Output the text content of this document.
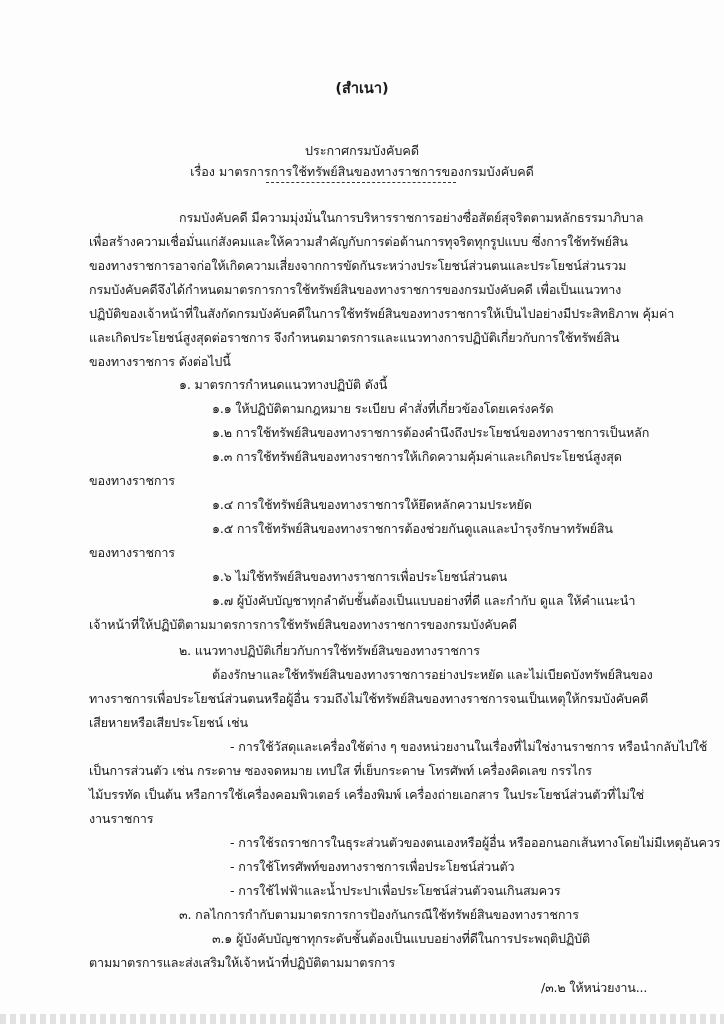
(สำเนา)
ประกาศกรมบังคับคดี
เรื่อง มาตรการการใช้ทรัพย์สินของทางราชการของกรมบังคับคดี
กรมบังคับคดี มีความมุ่งมั่นในการบริหารราชการอย่างซื่อสัตย์สุจริตตามหลักธรรมาภิบาล
เพื่อสร้างความเชื่อมั่นแก่สังคมและให้ความสำคัญกับการต่อต้านการทุจริตทุกรูปแบบ ซึ่งการใช้ทรัพย์สิน
ของทางราชการอาจก่อให้เกิดความเสี่ยงจากการขัดกันระหว่างประโยชน์ส่วนตนและประโยชน์ส่วนรวม
กรมบังคับคดีจึงได้กำหนดมาตรการการใช้ทรัพย์สินของทางราชการของกรมบังคับคดี เพื่อเป็นแนวทาง
ปฏิบัติของเจ้าหน้าที่ในสังกัดกรมบังคับคดีในการใช้ทรัพย์สินของทางราชการให้เป็นไปอย่างมีประสิทธิภาพ คุ้มค่า
และเกิดประโยชน์สูงสุดต่อราชการ จึงกำหนดมาตรการและแนวทางการปฏิบัติเกี่ยวกับการใช้ทรัพย์สิน
ของทางราชการ ดังต่อไปนี้
๑. มาตรการกำหนดแนวทางปฏิบัติ ดังนี้
๑.๑ ให้ปฏิบัติตามกฎหมาย ระเบียบ คำสั่งที่เกี่ยวข้องโดยเคร่งครัด
๑.๒ การใช้ทรัพย์สินของทางราชการต้องคำนึงถึงประโยชน์ของทางราชการเป็นหลัก
๑.๓ การใช้ทรัพย์สินของทางราชการให้เกิดความคุ้มค่าและเกิดประโยชน์สูงสุด
ของทางราชการ
๑.๔ การใช้ทรัพย์สินของทางราชการให้ยึดหลักความประหยัด
๑.๕ การใช้ทรัพย์สินของทางราชการต้องช่วยกันดูแลและบำรุงรักษาทรัพย์สิน
ของทางราชการ
๑.๖ ไม่ใช้ทรัพย์สินของทางราชการเพื่อประโยชน์ส่วนตน
๑.๗ ผู้บังคับบัญชาทุกลำดับชั้นต้องเป็นแบบอย่างที่ดี และกำกับ ดูแล ให้คำแนะนำ
เจ้าหน้าที่ให้ปฏิบัติตามมาตรการการใช้ทรัพย์สินของทางราชการของกรมบังคับคดี
๒. แนวทางปฏิบัติเกี่ยวกับการใช้ทรัพย์สินของทางราชการ
ต้องรักษาและใช้ทรัพย์สินของทางราชการอย่างประหยัด และไม่เบียดบังทรัพย์สินของ
ทางราชการเพื่อประโยชน์ส่วนตนหรือผู้อื่น รวมถึงไม่ใช้ทรัพย์สินของทางราชการจนเป็นเหตุให้กรมบังคับคดี
เสียหายหรือเสียประโยชน์ เช่น
- การใช้วัสดุและเครื่องใช้ต่าง ๆ ของหน่วยงานในเรื่องที่ไม่ใช่งานราชการ หรือนำกลับไปใช้
เป็นการส่วนตัว เช่น กระดาษ ซองจดหมาย เทปใส ที่เย็บกระดาษ โทรศัพท์ เครื่องคิดเลข กรรไกร
ไม้บรรทัด เป็นต้น หรือการใช้เครื่องคอมพิวเตอร์ เครื่องพิมพ์ เครื่องถ่ายเอกสาร ในประโยชน์ส่วนตัวที่ไม่ใช่
งานราชการ
- การใช้รถราชการในธุระส่วนตัวของตนเองหรือผู้อื่น หรือออกนอกเส้นทางโดยไม่มีเหตุอันควร
- การใช้โทรศัพท์ของทางราชการเพื่อประโยชน์ส่วนตัว
- การใช้ไฟฟ้าและน้ำประปาเพื่อประโยชน์ส่วนตัวจนเกินสมควร
๓. กลไกการกำกับตามมาตรการการป้องกันกรณีใช้ทรัพย์สินของทางราชการ
๓.๑ ผู้บังคับบัญชาทุกระดับชั้นต้องเป็นแบบอย่างที่ดีในการประพฤติปฏิบัติ
ตามมาตรการและส่งเสริมให้เจ้าหน้าที่ปฏิบัติตามมาตรการ
/๓.๒ ให้หน่วยงาน...
